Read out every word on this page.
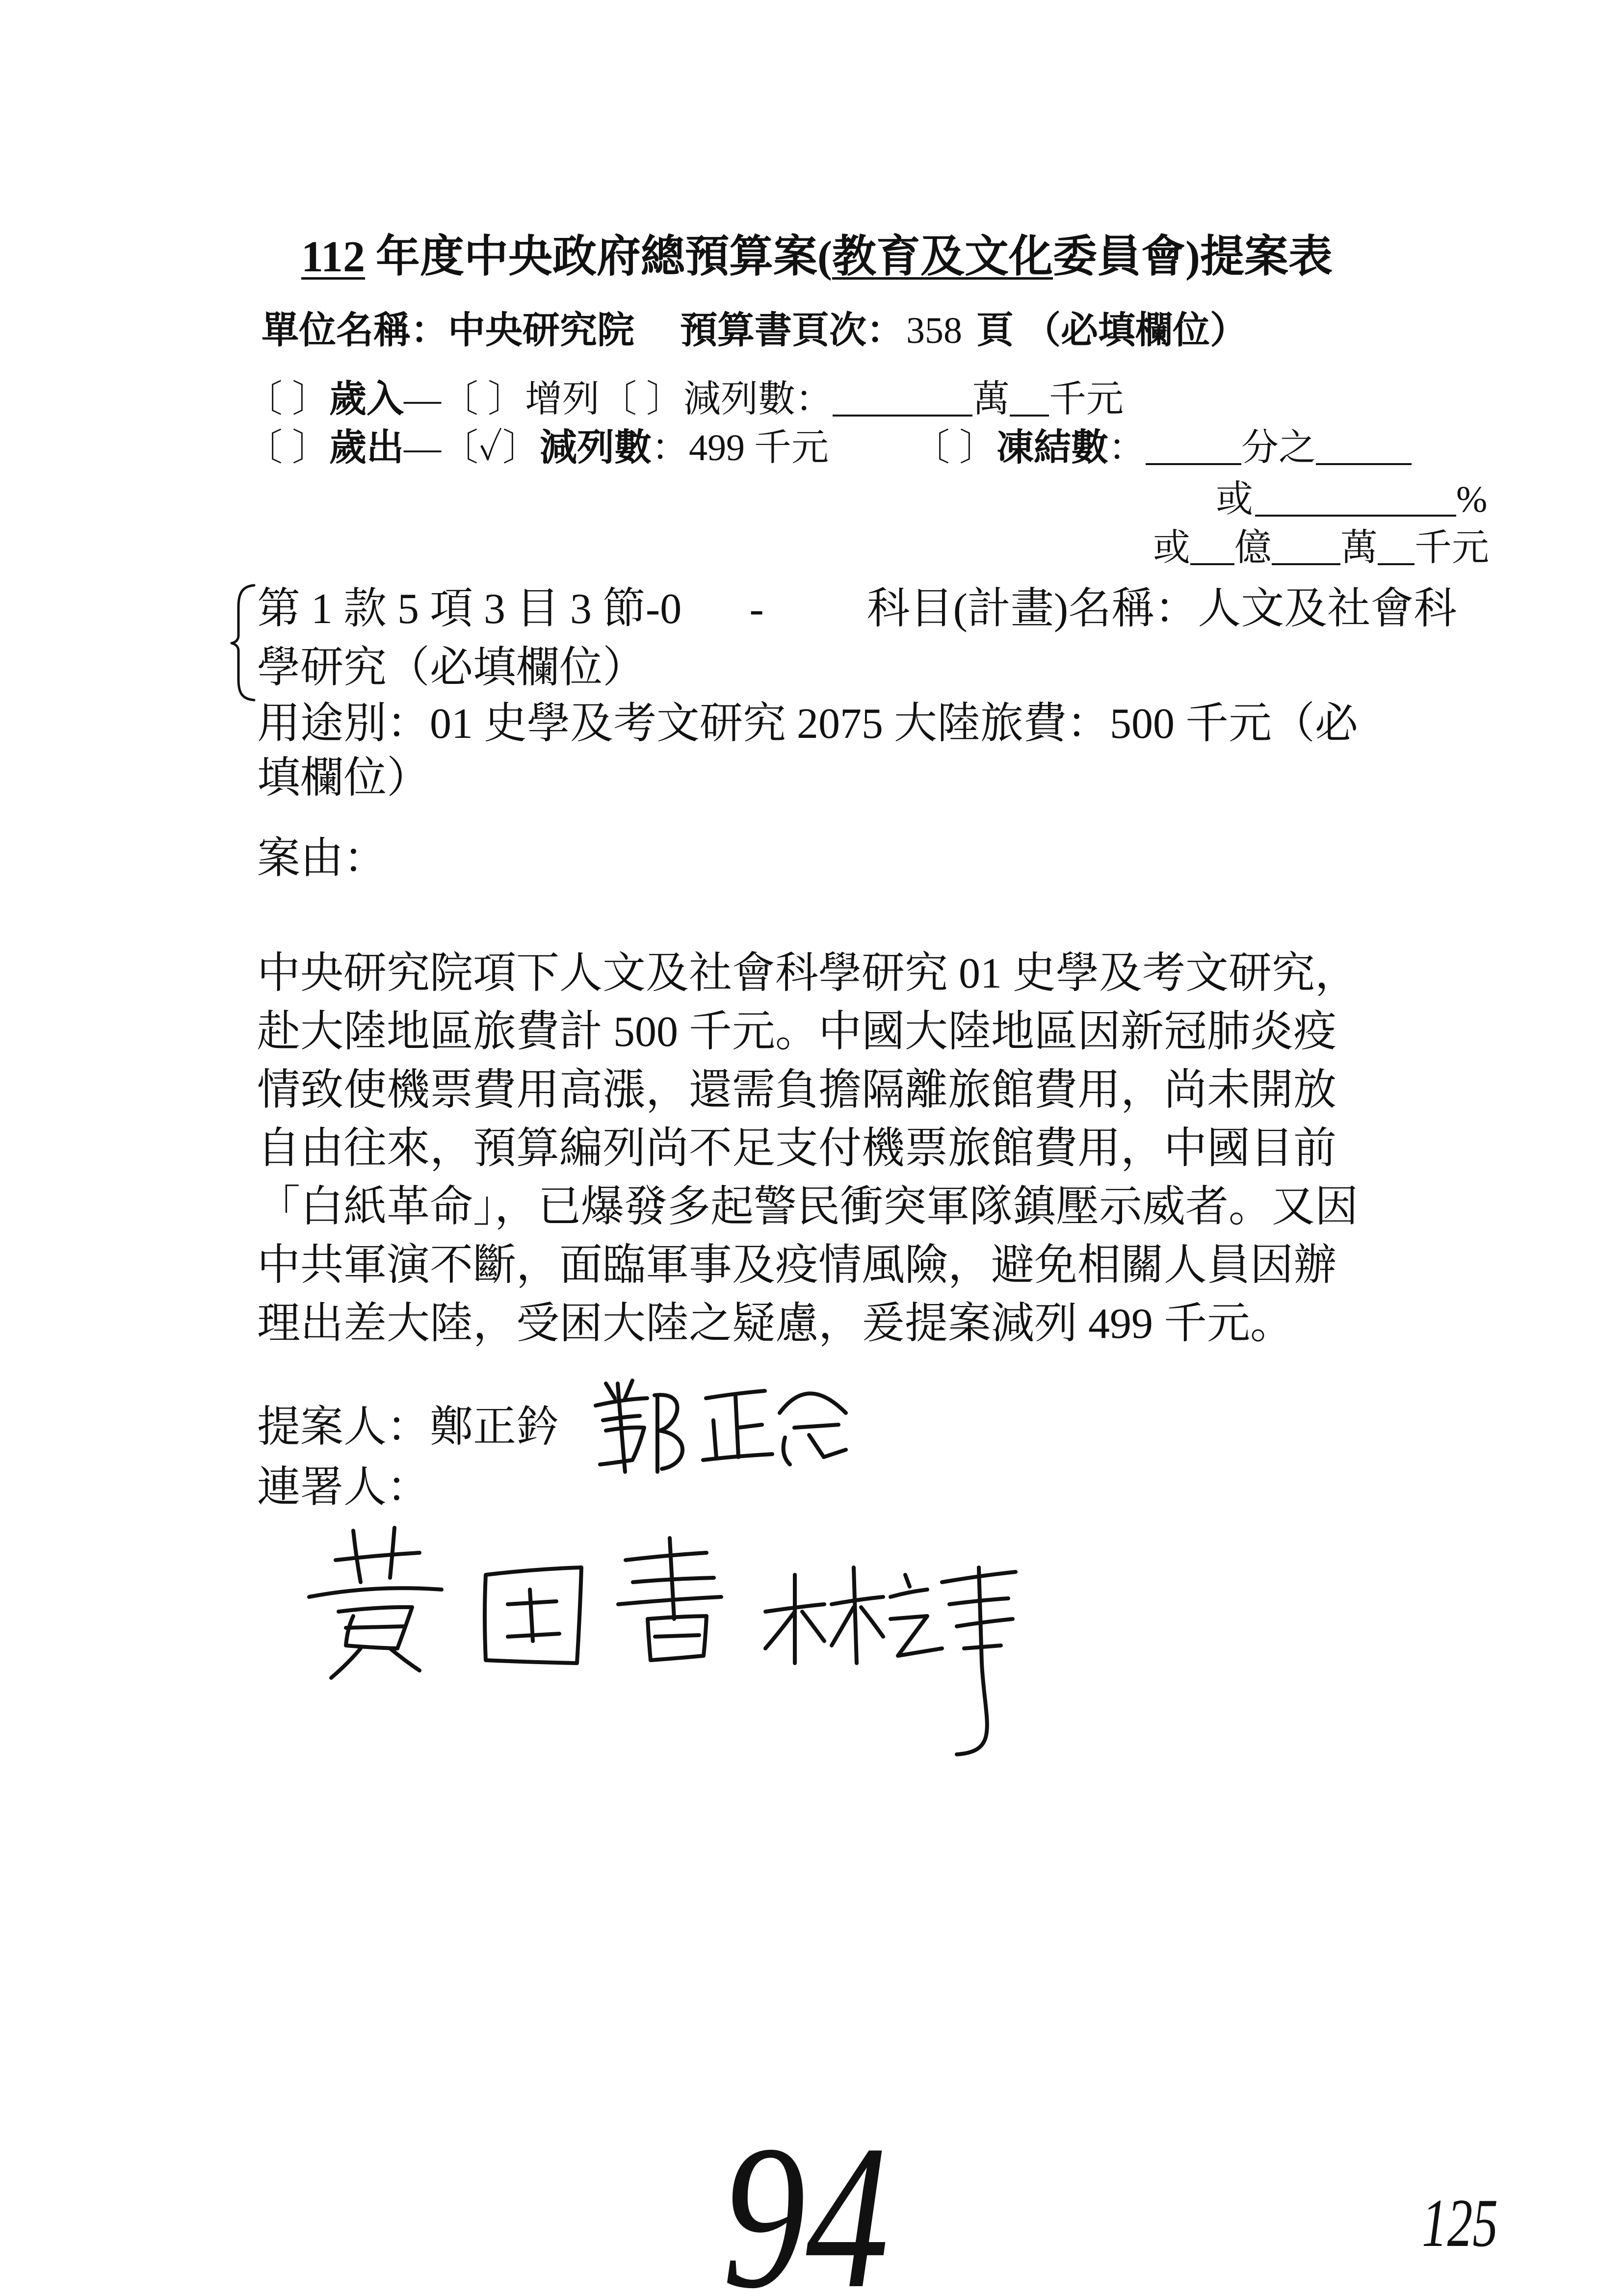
112 年度中央政府總預算案(教育及文化委員會)提案表
單位名稱：中央研究院 預算書頁次：358 頁 （必填欄位）
〔 〕歲入—〔 〕增列〔 〕減列數：	萬 千元
〔 〕歲出—〔✓〕減列數：499 千元 〔 〕凍結數：	分之
或	%
或 億 萬 千元
第 1 款 5 項 3 目 3 節-0 - 科目(計畫)名稱：人文及社會科
學研究（必填欄位）
用途別：01 史學及考文研究 2075 大陸旅費：500 千元（必
填欄位）
案由：
中央研究院項下人文及社會科學研究 01 史學及考文研究，
赴大陸地區旅費計 500 千元。中國大陸地區因新冠肺炎疫
情致使機票費用高漲，還需負擔隔離旅館費用，尚未開放
自由往來，預算編列尚不足支付機票旅館費用，中國目前
「白紙革命」，已爆發多起警民衝突軍隊鎮壓示威者。又因
中共軍演不斷，面臨軍事及疫情風險，避免相關人員因辦
理出差大陸，受困大陸之疑慮，爰提案減列 499 千元。
提案人：鄭正鈐
連署人：
94	125
